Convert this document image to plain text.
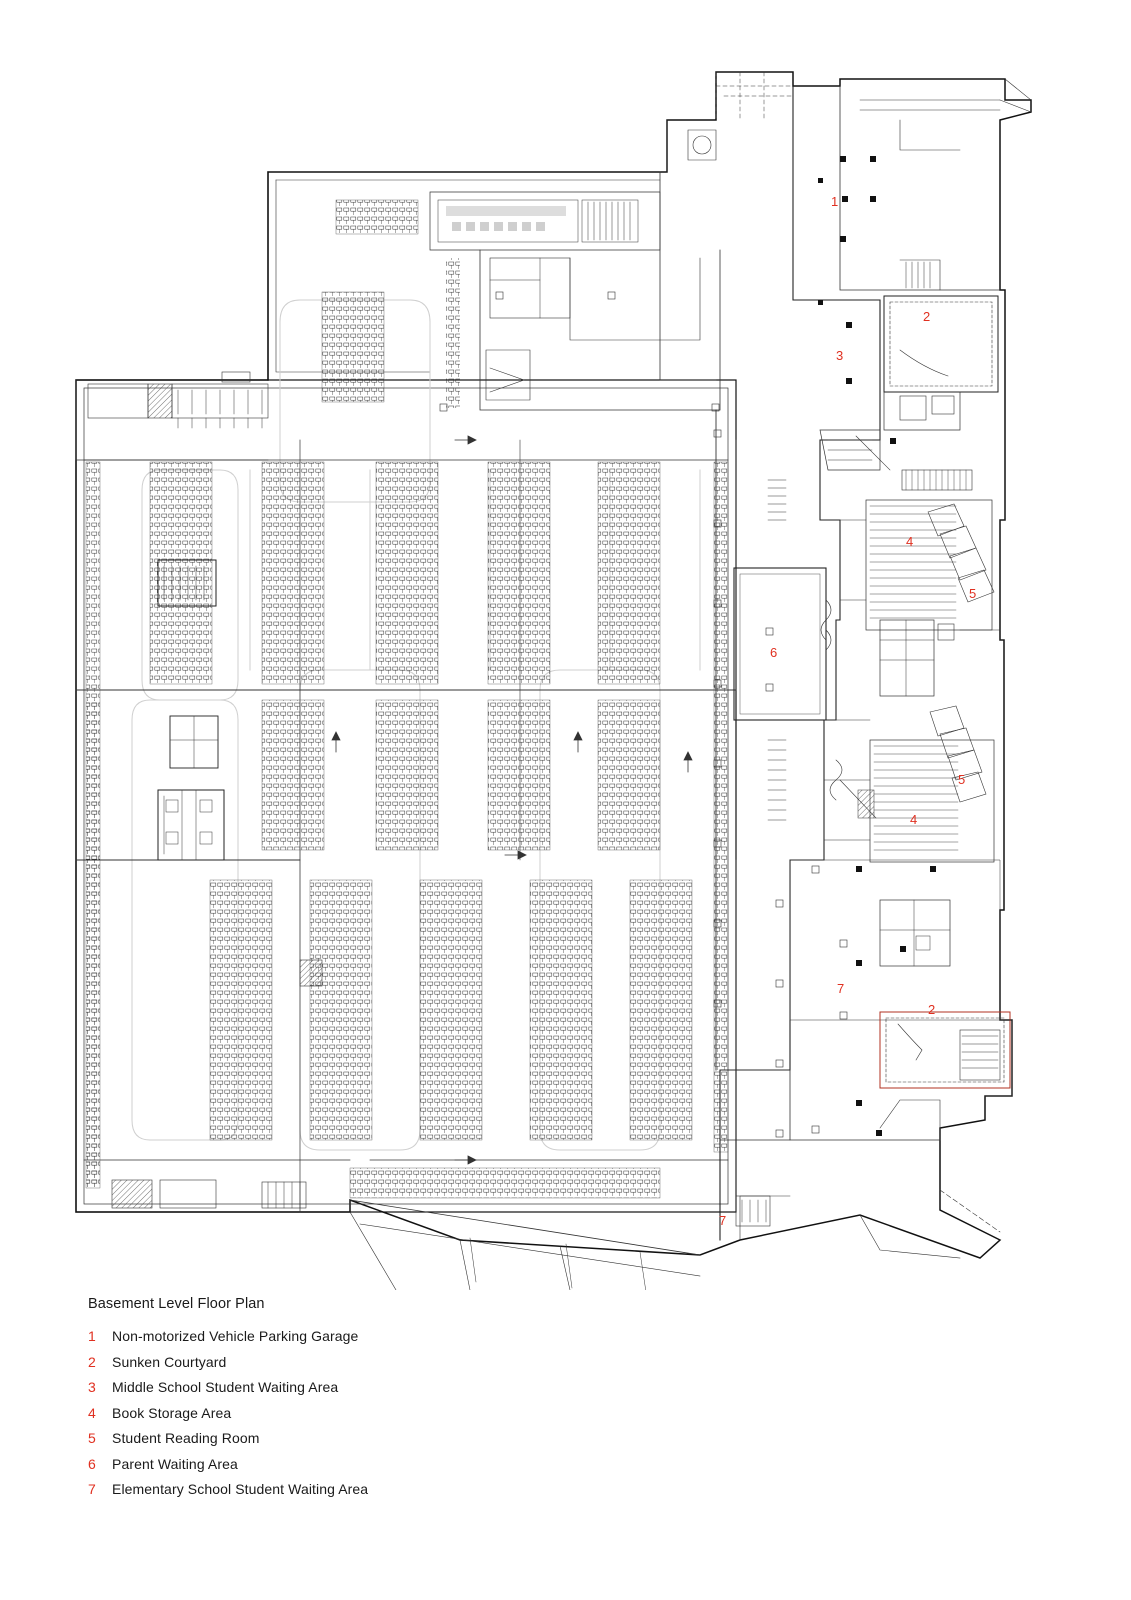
1
2
3
4
5
6
5
4
7
2
7
Basement Level Floor Plan
1	Non-motorized Vehicle Parking Garage
2	Sunken Courtyard
3	Middle School Student Waiting Area
4	Book Storage Area
5	Student Reading Room
6	Parent Waiting Area
7	Elementary School Student Waiting Area
